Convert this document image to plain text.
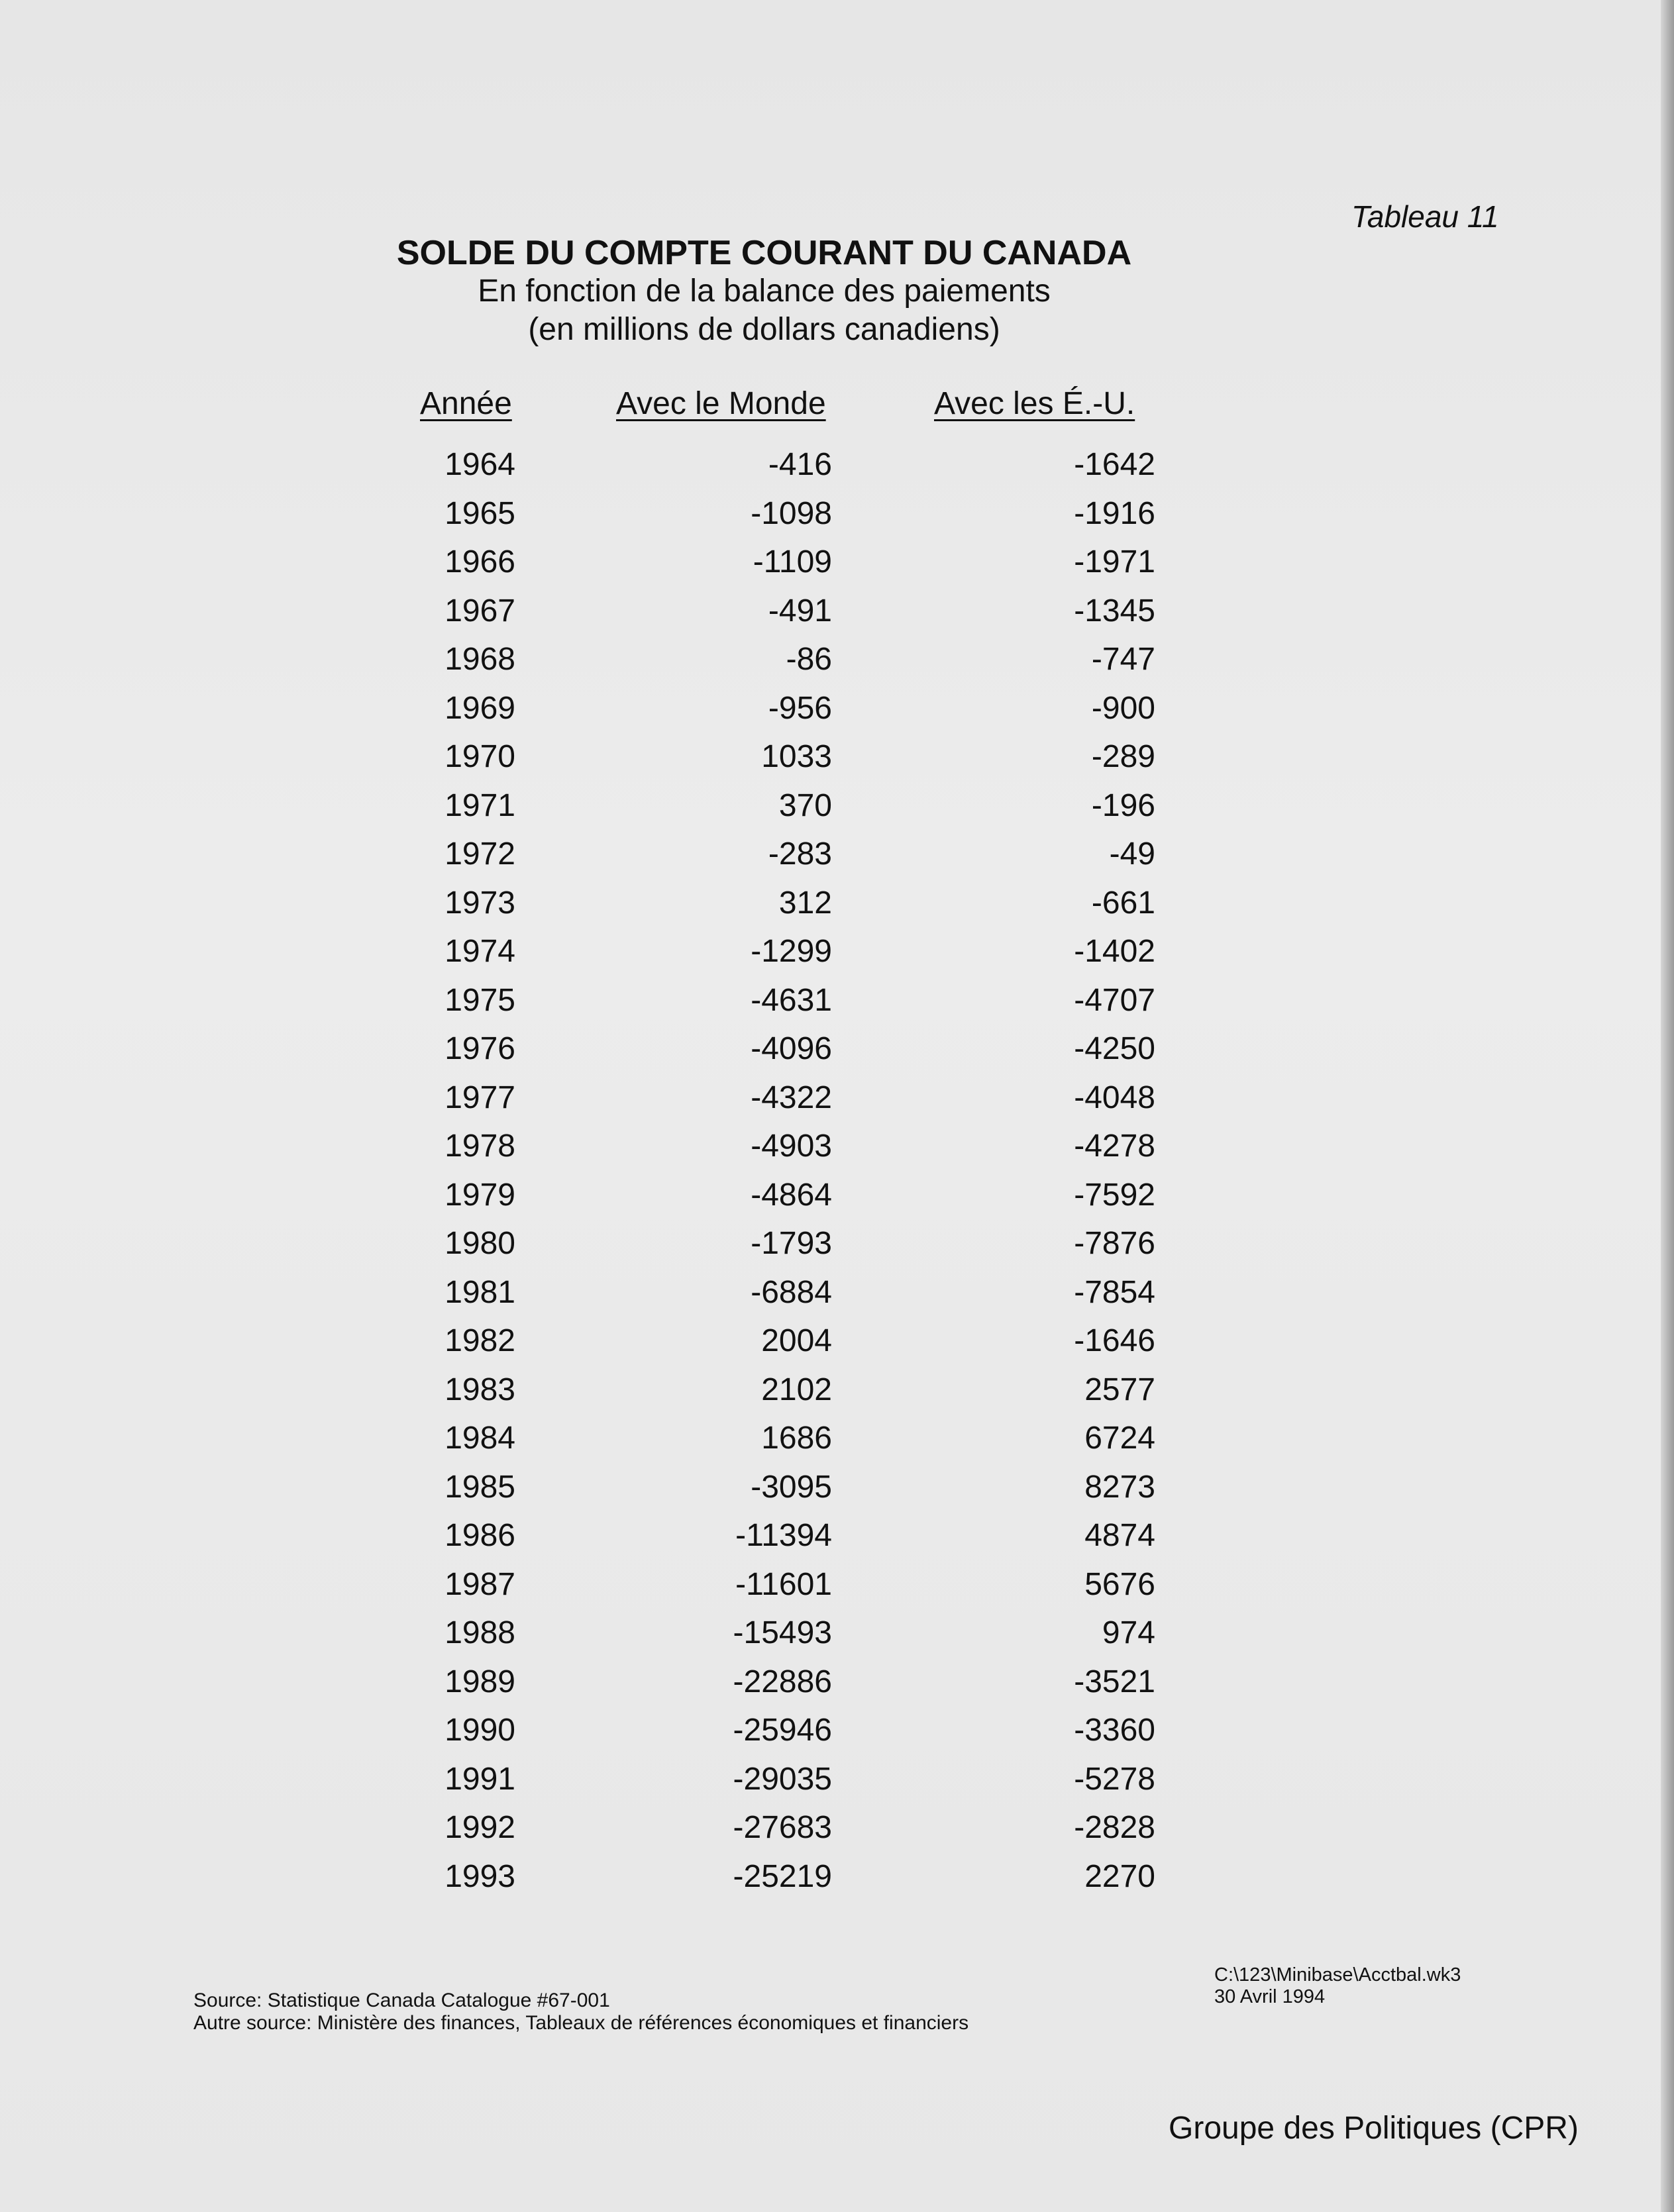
Tableau 11
SOLDE DU COMPTE COURANT DU CANADA
En fonction de la balance des paiements
(en millions de dollars canadiens)
Année	Avec le Monde	Avec les É.-U.
1964	-416	-1642
1965	-1098	-1916
1966	-1109	-1971
1967	-491	-1345
1968	-86	-747
1969	-956	-900
1970	1033	-289
1971	370	-196
1972	-283	-49
1973	312	-661
1974	-1299	-1402
1975	-4631	-4707
1976	-4096	-4250
1977	-4322	-4048
1978	-4903	-4278
1979	-4864	-7592
1980	-1793	-7876
1981	-6884	-7854
1982	2004	-1646
1983	2102	2577
1984	1686	6724
1985	-3095	8273
1986	-11394	4874
1987	-11601	5676
1988	-15493	974
1989	-22886	-3521
1990	-25946	-3360
1991	-29035	-5278
1992	-27683	-2828
1993	-25219	2270
Source: Statistique Canada Catalogue #67-001
Autre source: Ministère des finances, Tableaux de références économiques et financiers
C:\123\Minibase\Acctbal.wk3
30 Avril 1994
Groupe des Politiques (CPR)
